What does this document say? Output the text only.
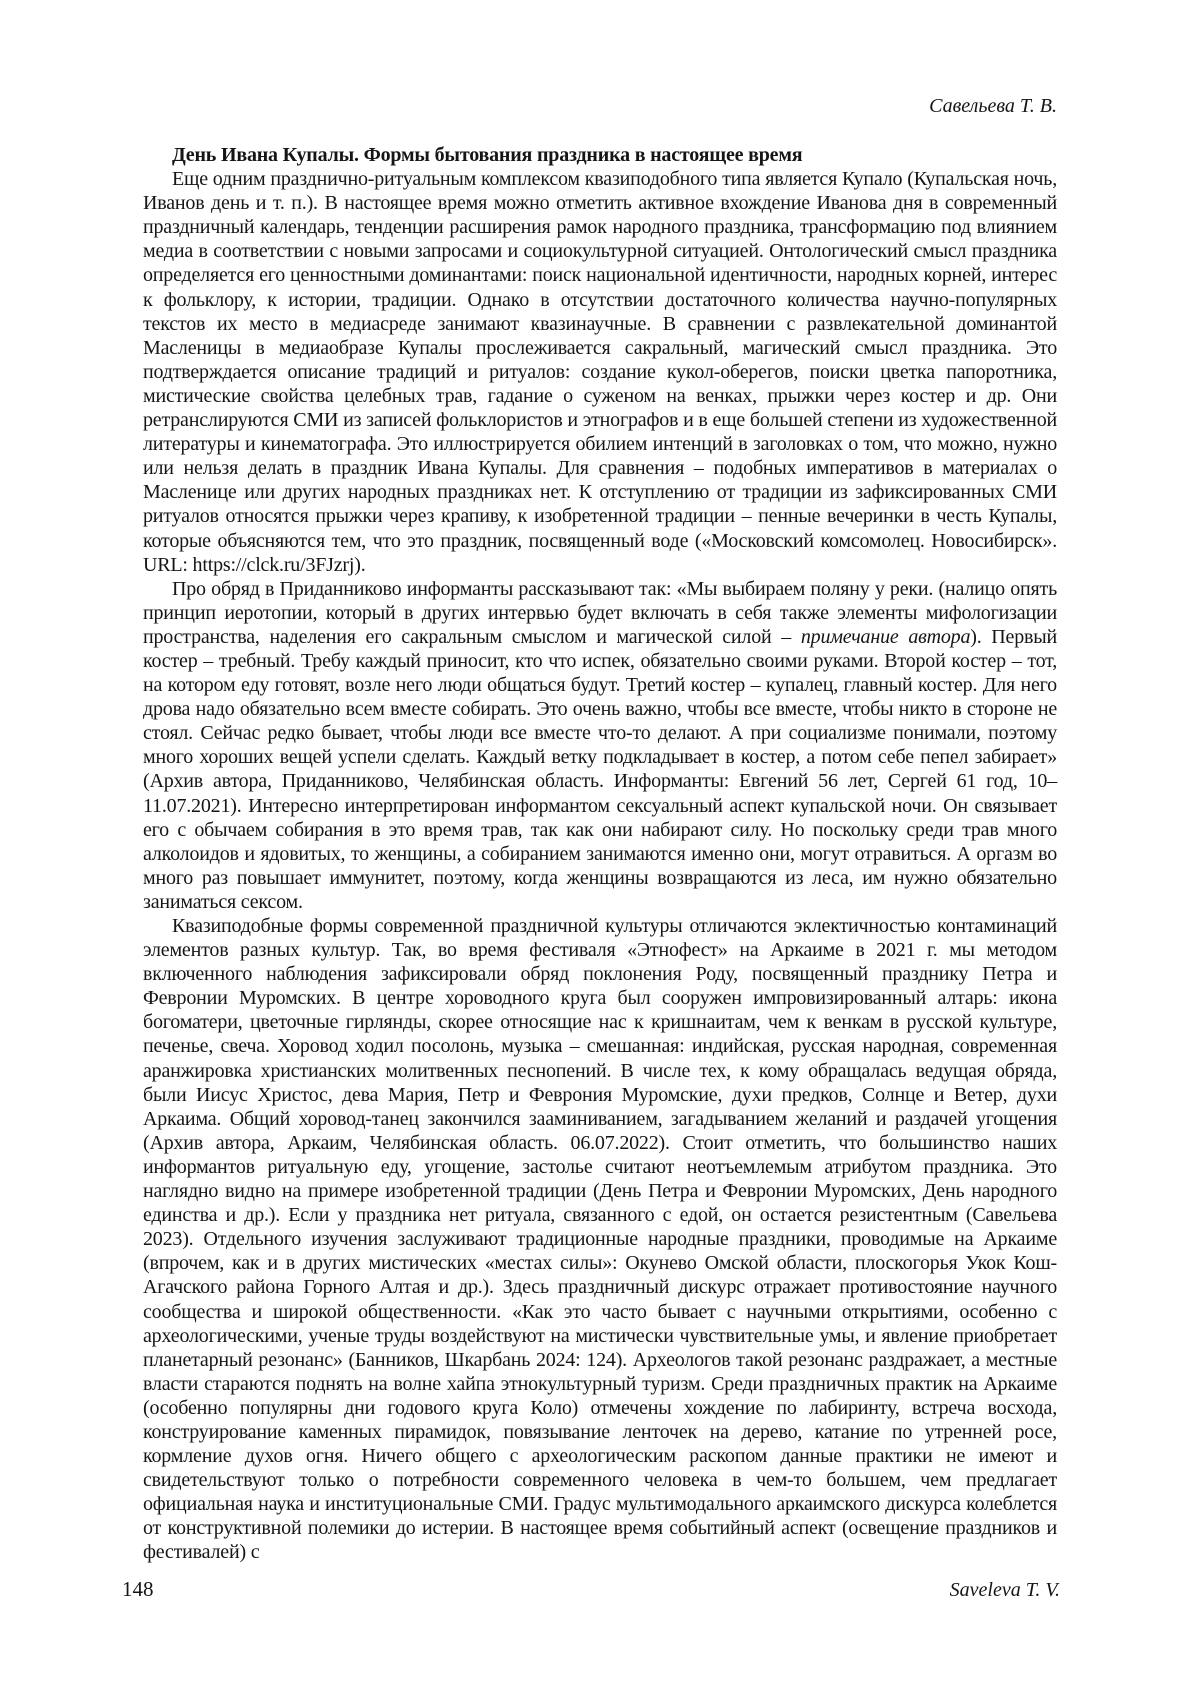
Савельева Т. В.

День Ивана Купалы. Формы бытования праздника в настоящее время

Еще одним празднично-ритуальным комплексом квазиподобного типа является Купало (Купальская ночь, Иванов день и т. п.). В настоящее время можно отметить активное вхождение Иванова дня в современный праздничный календарь, тенденции расширения рамок народного праздника, трансформацию под влиянием медиа в соответствии с новыми запросами и социокультурной ситуацией. Онтологический смысл праздника определяется его ценностными доминантами: поиск национальной идентичности, народных корней, интерес к фольклору, к истории, традиции. Однако в отсутствии достаточного количества научно-популярных текстов их место в медиасреде занимают квазинаучные. В сравнении с развлекательной доминантой Масленицы в медиаобразе Купалы прослеживается сакральный, магический смысл праздника. Это подтверждается описание традиций и ритуалов: создание кукол-оберегов, поиски цветка папоротника, мистические свойства целебных трав, гадание о суженом на венках, прыжки через костер и др. Они ретранслируются СМИ из записей фольклористов и этнографов и в еще большей степени из художественной литературы и кинематографа. Это иллюстрируется обилием интенций в заголовках о том, что можно, нужно или нельзя делать в праздник Ивана Купалы. Для сравнения – подобных императивов в материалах о Масленице или других народных праздниках нет. К отступлению от традиции из зафиксированных СМИ ритуалов относятся прыжки через крапиву, к изобретенной традиции – пенные вечеринки в честь Купалы, которые объясняются тем, что это праздник, посвященный воде («Московский комсомолец. Новосибирск». URL: https://clck.ru/3FJzrj).

Про обряд в Приданниково информанты рассказывают так: «Мы выбираем поляну у реки. (налицо опять принцип иеротопии, который в других интервью будет включать в себя также элементы мифологизации пространства, наделения его сакральным смыслом и магической силой – примечание автора). Первый костер – требный. Требу каждый приносит, кто что испек, обязательно своими руками. Второй костер – тот, на котором еду готовят, возле него люди общаться будут. Третий костер – купалец, главный костер. Для него дрова надо обязательно всем вместе собирать. Это очень важно, чтобы все вместе, чтобы никто в стороне не стоял. Сейчас редко бывает, чтобы люди все вместе что-то делают. А при социализме понимали, поэтому много хороших вещей успели сделать. Каждый ветку подкладывает в костер, а потом себе пепел забирает» (Архив автора, Приданниково, Челябинская область. Информанты: Евгений 56 лет, Сергей 61 год, 10–11.07.2021). Интересно интерпретирован информантом сексуальный аспект купальской ночи. Он связывает его с обычаем собирания в это время трав, так как они набирают силу. Но поскольку среди трав много алколоидов и ядовитых, то женщины, а собиранием занимаются именно они, могут отравиться. А оргазм во много раз повышает иммунитет, поэтому, когда женщины возвращаются из леса, им нужно обязательно заниматься сексом.

Квазиподобные формы современной праздничной культуры отличаются эклектичностью контаминаций элементов разных культур. Так, во время фестиваля «Этнофест» на Аркаиме в 2021 г. мы методом включенного наблюдения зафиксировали обряд поклонения Роду, посвященный празднику Петра и Февронии Муромских. В центре хороводного круга был сооружен импровизированный алтарь: икона богоматери, цветочные гирлянды, скорее относящие нас к кришнаитам, чем к венкам в русской культуре, печенье, свеча. Хоровод ходил посолонь, музыка – смешанная: индийская, русская народная, современная аранжировка христианских молитвенных песнопений. В числе тех, к кому обращалась ведущая обряда, были Иисус Христос, дева Мария, Петр и Феврония Муромские, духи предков, Солнце и Ветер, духи Аркаима. Общий хоровод-танец закончился зааминиванием, загадыванием желаний и раздачей угощения (Архив автора, Аркаим, Челябинская область. 06.07.2022). Стоит отметить, что большинство наших информантов ритуальную еду, угощение, застолье считают неотъемлемым атрибутом праздника. Это наглядно видно на примере изобретенной традиции (День Петра и Февронии Муромских, День народного единства и др.). Если у праздника нет ритуала, связанного с едой, он остается резистентным (Савельева 2023). Отдельного изучения заслуживают традиционные народные праздники, проводимые на Аркаиме (впрочем, как и в других мистических «местах силы»: Окунево Омской области, плоскогорья Укок Кош-Агачского района Горного Алтая и др.). Здесь праздничный дискурс отражает противостояние научного сообщества и широкой общественности. «Как это часто бывает с научными открытиями, особенно с археологическими, ученые труды воздействуют на мистически чувствительные умы, и явление приобретает планетарный резонанс» (Банников, Шкарбань 2024: 124). Археологов такой резонанс раздражает, а местные власти стараются поднять на волне хайпа этнокультурный туризм. Среди праздничных практик на Аркаиме (особенно популярны дни годового круга Коло) отмечены хождение по лабиринту, встреча восхода, конструирование каменных пирамидок, повязывание ленточек на дерево, катание по утренней росе, кормление духов огня. Ничего общего с археологическим раскопом данные практики не имеют и свидетельствуют только о потребности современного человека в чем-то большем, чем предлагает официальная наука и институциональные СМИ. Градус мультимодального аркаимского дискурса колеблется от конструктивной полемики до истерии. В настоящее время событийный аспект (освещение праздников и фестивалей) с

148	Saveleva T. V.
